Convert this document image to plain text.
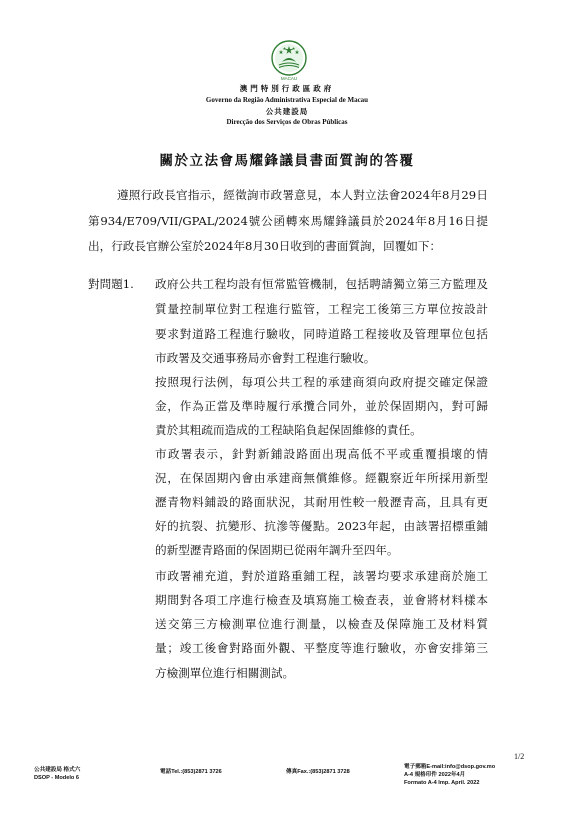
MACAU
澳門特別行政區政府
Governo da Região Administrativa Especial de Macau
公共建設局
Direcção dos Serviços de Obras Públicas
關於立法會馬耀鋒議員書面質詢的答覆
遵照行政長官指示，經徵詢市政署意見，本人對立法會2024年8月29日
第934/E709/VII/GPAL/2024號公函轉來馬耀鋒議員於2024年8月16日提
出，行政長官辦公室於2024年8月30日收到的書面質詢，回覆如下：
對問題1. 政府公共工程均設有恒常監管機制，包括聘請獨立第三方監理及
質量控制單位對工程進行監管，工程完工後第三方單位按設計
要求對道路工程進行驗收，同時道路工程接收及管理單位包括
市政署及交通事務局亦會對工程進行驗收。
按照現行法例，每項公共工程的承建商須向政府提交確定保證
金，作為正當及準時履行承攬合同外，並於保固期內，對可歸
責於其粗疏而造成的工程缺陷負起保固維修的責任。
市政署表示，針對新鋪設路面出現高低不平或重覆損壞的情
況，在保固期內會由承建商無償維修。經觀察近年所採用新型
瀝青物料鋪設的路面狀況，其耐用性較一般瀝青高，且具有更
好的抗裂、抗變形、抗滲等優點。2023年起，由該署招標重鋪
的新型瀝青路面的保固期已從兩年調升至四年。
市政署補充道，對於道路重鋪工程，該署均要求承建商於施工
期間對各項工序進行檢查及填寫施工檢查表，並會將材料樣本
送交第三方檢測單位進行測量，以檢查及保障施工及材料質
量；竣工後會對路面外觀、平整度等進行驗收，亦會安排第三
方檢測單位進行相關測試。
1/2
公共建設局 格式六
DSOP - Modelo 6
電話Tel.:(853)2871 3726	傳真Fax.:(853)2871 3728
電子郵箱E-mail:info@dsop.gov.mo
A-4 規格印件 2022年4月
Formato A-4 Imp. April. 2022
